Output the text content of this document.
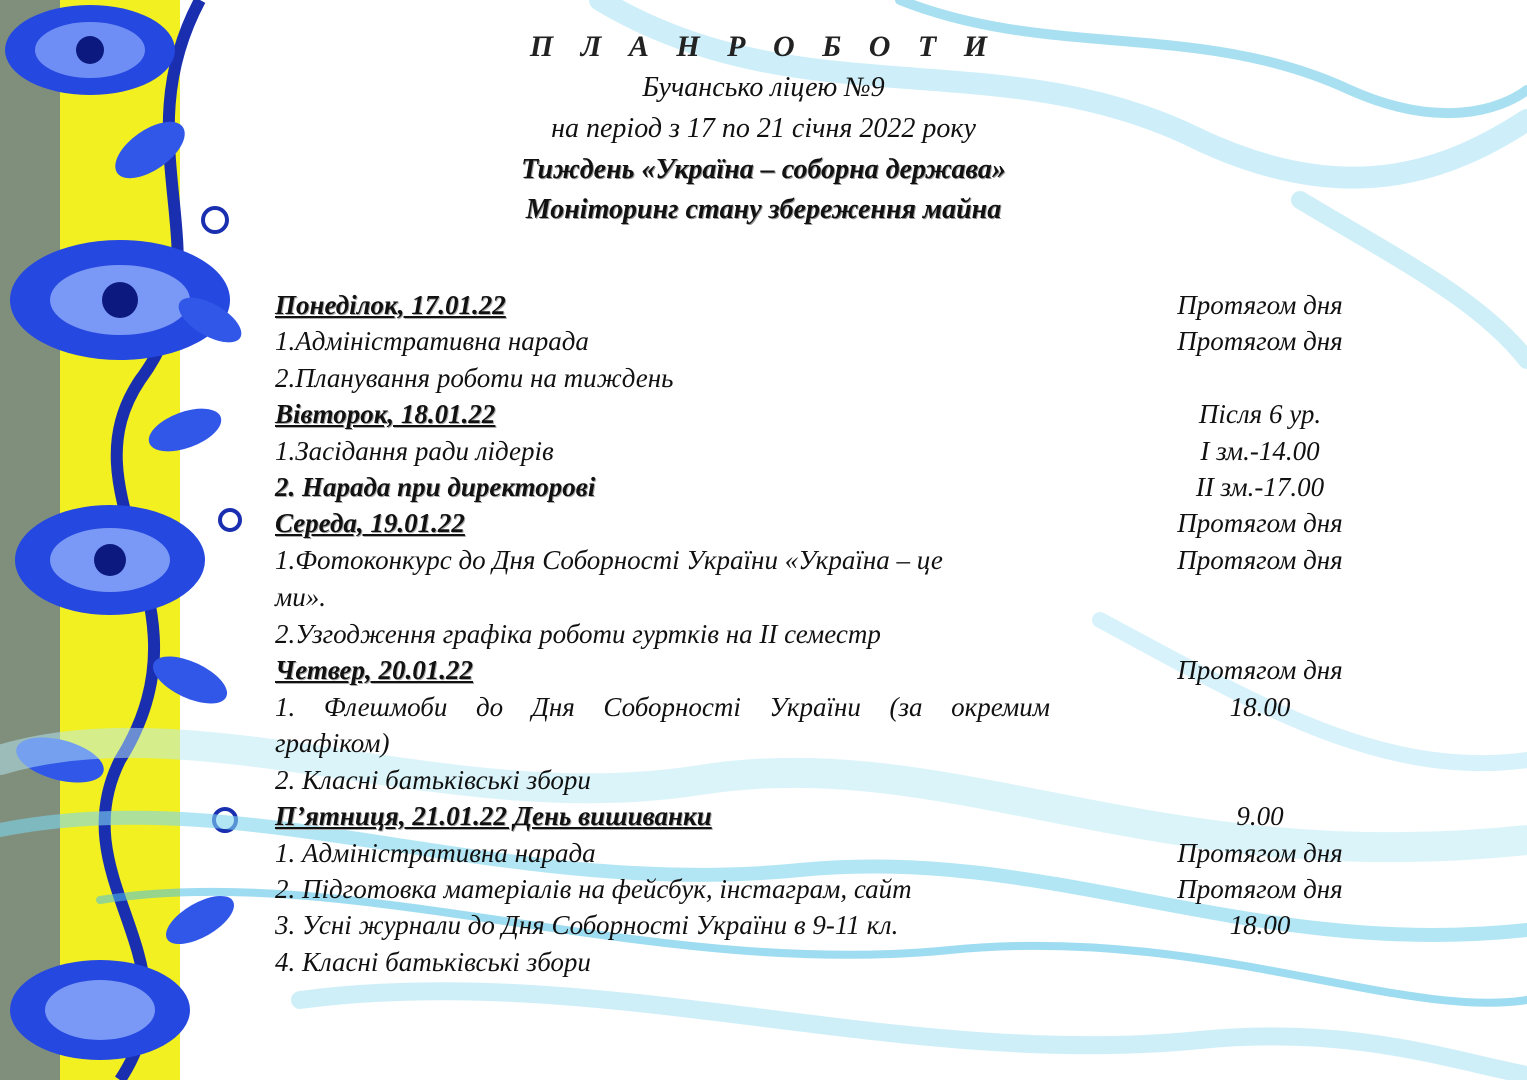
П Л А Н Р О Б О Т И
Бучансько ліцею №9
на період з 17 по 21 січня 2022 року
Тиждень «Україна – соборна держава»
Моніторинг стану збереження майна
Понеділок, 17.01.22	Протягом дня
1.Адміністративна нарада	Протягом дня
2.Планування роботи на тиждень
Вівторок, 18.01.22	Після 6 ур.
1.Засідання ради лідерів	І зм.-14.00
2. Нарада при директорові	ІІ зм.-17.00
Середа, 19.01.22	Протягом дня
1.Фотоконкурс до Дня Соборності України «Україна – це	Протягом дня
ми».
2.Узгодження графіка роботи гуртків на ІІ семестр
Четвер, 20.01.22	Протягом дня
1. Флешмоби до Дня Соборності України (за окремим	18.00
графіком)
2. Класні батьківські збори
П’ятниця, 21.01.22 День вишиванки	9.00
1. Адміністративна нарада	Протягом дня
2. Підготовка матеріалів на фейсбук, інстаграм, сайт	Протягом дня
3. Усні журнали до Дня Соборності України в 9-11 кл.	18.00
4. Класні батьківські збори
